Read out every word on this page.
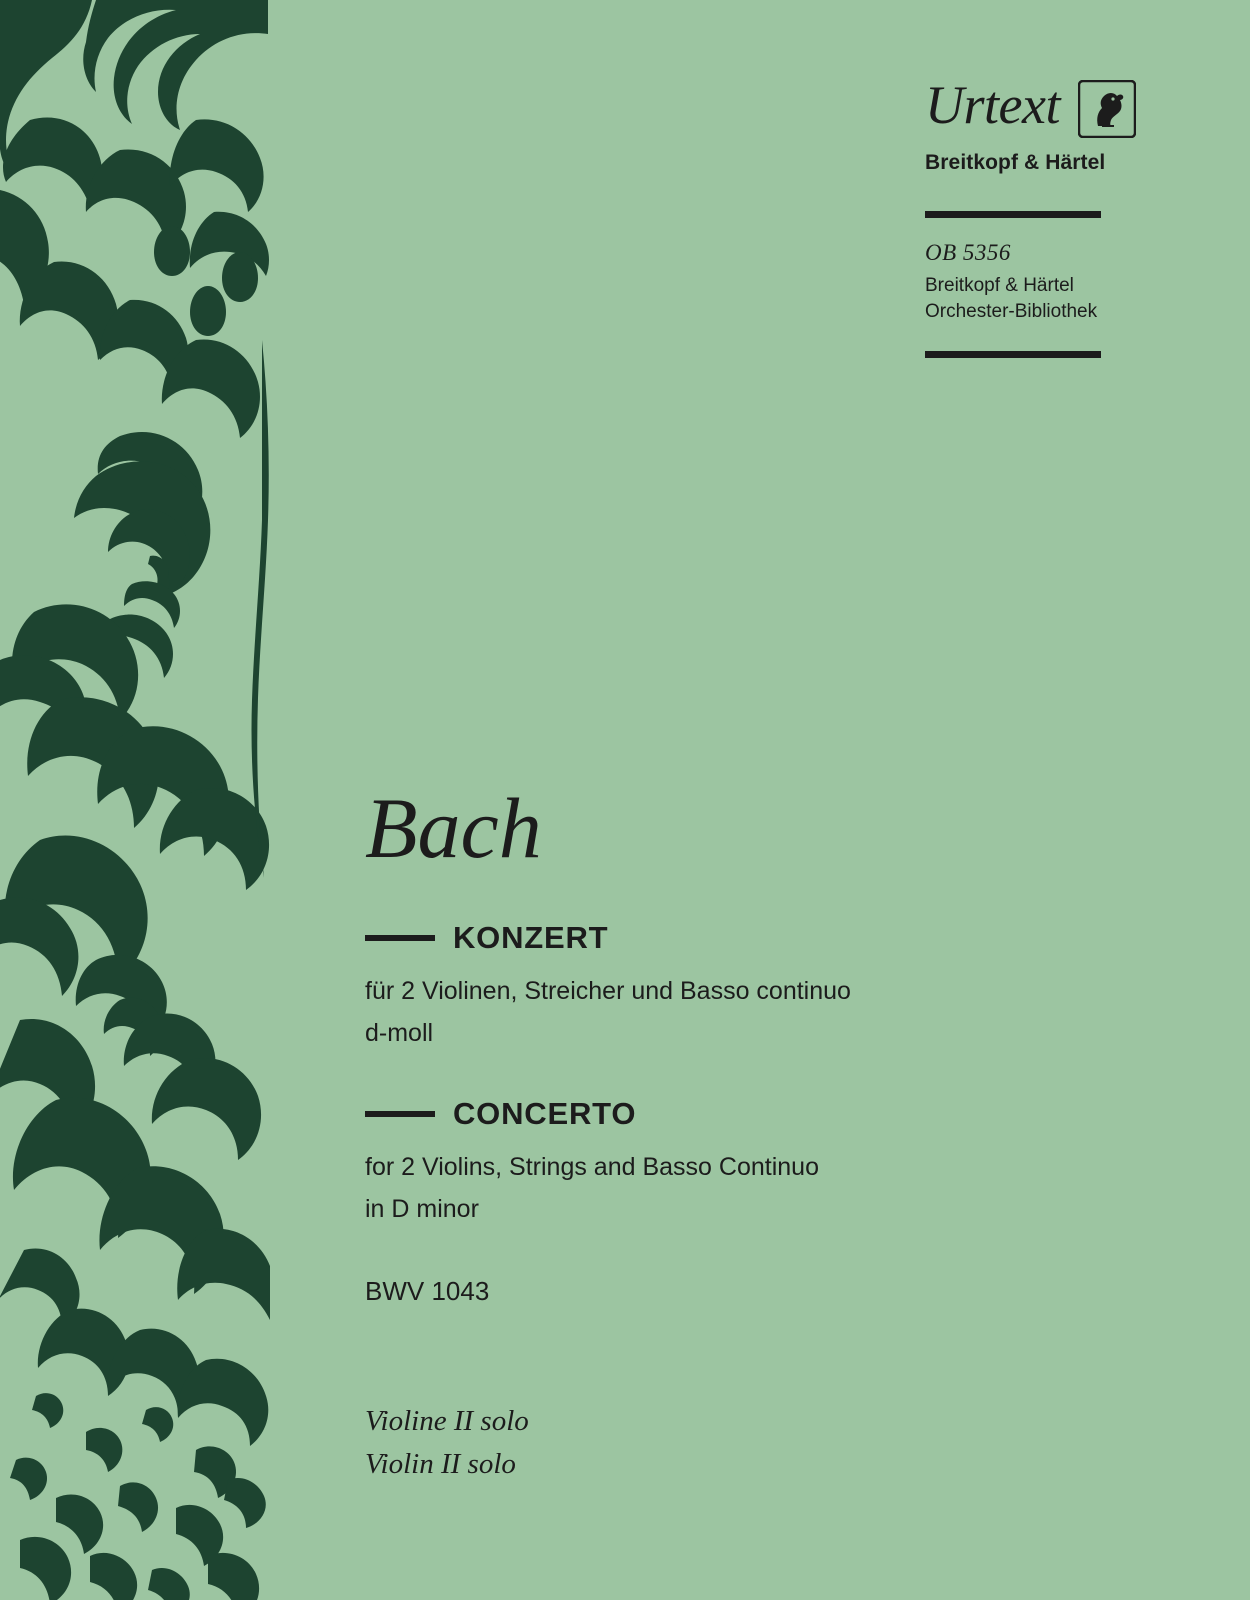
Urtext
Breitkopf & Härtel
OB 5356
Breitkopf & Härtel
Orchester-Bibliothek
Bach
KONZERT
für 2 Violinen, Streicher und Basso continuo
d-moll
CONCERTO
for 2 Violins, Strings and Basso Continuo
in D minor
BWV 1043
Violine II solo
Violin II solo
